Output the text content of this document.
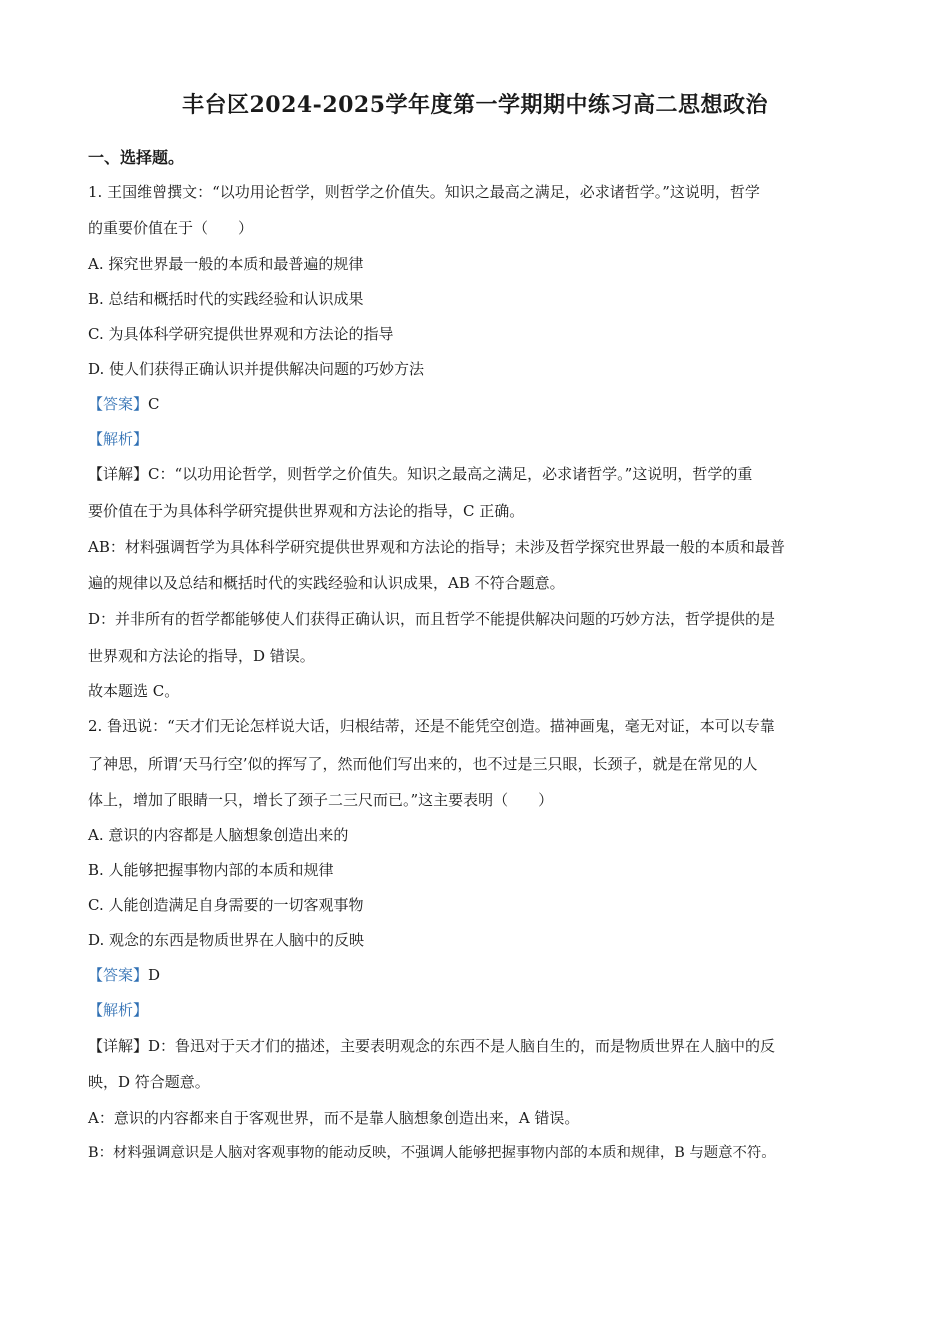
丰台区2024-2025学年度第一学期期中练习高二思想政治
一、选择题。
1. 王国维曾撰文：“以功用论哲学，则哲学之价值失。知识之最高之满足，必求诸哲学。”这说明，哲学
的重要价值在于（　　）
A. 探究世界最一般的本质和最普遍的规律
B. 总结和概括时代的实践经验和认识成果
C. 为具体科学研究提供世界观和方法论的指导
D. 使人们获得正确认识并提供解决问题的巧妙方法
【答案】C
【解析】
【详解】C：“以功用论哲学，则哲学之价值失。知识之最高之满足，必求诸哲学。”这说明，哲学的重
要价值在于为具体科学研究提供世界观和方法论的指导，C 正确。
AB：材料强调哲学为具体科学研究提供世界观和方法论的指导；未涉及哲学探究世界最一般的本质和最普
遍的规律以及总结和概括时代的实践经验和认识成果，AB 不符合题意。
D：并非所有的哲学都能够使人们获得正确认识，而且哲学不能提供解决问题的巧妙方法，哲学提供的是
世界观和方法论的指导，D 错误。
故本题选 C。
2. 鲁迅说：“天才们无论怎样说大话，归根结蒂，还是不能凭空创造。描神画鬼，毫无对证，本可以专靠
了神思，所谓‘天马行空’似的挥写了，然而他们写出来的，也不过是三只眼，长颈子，就是在常见的人
体上，增加了眼睛一只，增长了颈子二三尺而已。”这主要表明（　　）
A. 意识的内容都是人脑想象创造出来的
B. 人能够把握事物内部的本质和规律
C. 人能创造满足自身需要的一切客观事物
D. 观念的东西是物质世界在人脑中的反映
【答案】D
【解析】
【详解】D：鲁迅对于天才们的描述，主要表明观念的东西不是人脑自生的，而是物质世界在人脑中的反
映，D 符合题意。
A：意识的内容都来自于客观世界，而不是靠人脑想象创造出来，A 错误。
B：材料强调意识是人脑对客观事物的能动反映，不强调人能够把握事物内部的本质和规律，B 与题意不符。
